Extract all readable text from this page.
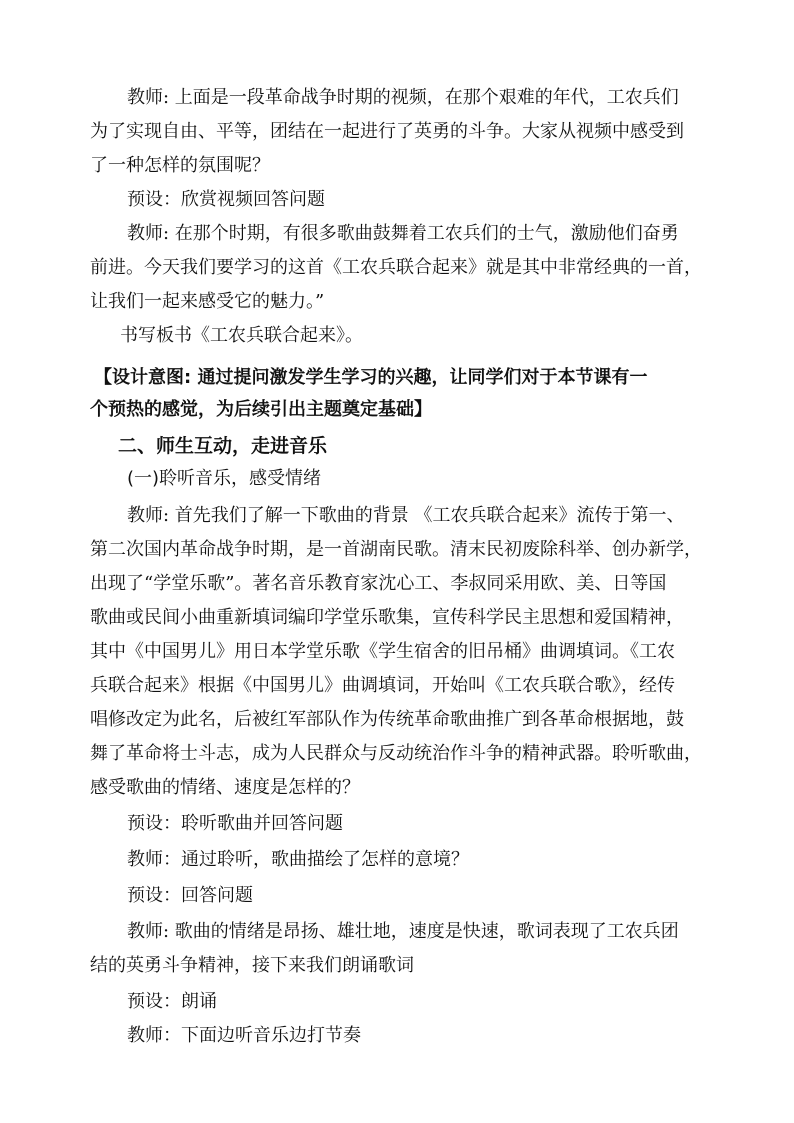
教师: 上面是一段革命战争时期的视频，在那个艰难的年代，工农兵们
为了实现自由、平等，团结在一起进行了英勇的斗争。大家从视频中感受到
了一种怎样的氛围呢？
预设：欣赏视频回答问题
教师: 在那个时期，有很多歌曲鼓舞着工农兵们的士气，激励他们奋勇
前进。今天我们要学习的这首《工农兵联合起来》就是其中非常经典的一首，
让我们一起来感受它的魅力。”
书写板书《工农兵联合起来》。
【设计意图: 通过提问激发学生学习的兴趣，让同学们对于本节课有一
个预热的感觉，为后续引出主题奠定基础】
二、师生互动，走进音乐
(一)聆听音乐，感受情绪
教师: 首先我们了解一下歌曲的背景 《工农兵联合起来》流传于第一、
第二次国内革命战争时期，是一首湖南民歌。清末民初废除科举、创办新学，
出现了“学堂乐歌”。著名音乐教育家沈心工、李叔同采用欧、美、日等国
歌曲或民间小曲重新填词编印学堂乐歌集，宣传科学民主思想和爱国精神，
其中《中国男儿》用日本学堂乐歌《学生宿舍的旧吊桶》曲调填词。《工农
兵联合起来》根据《中国男儿》曲调填词，开始叫《工农兵联合歌》，经传
唱修改定为此名，后被红军部队作为传统革命歌曲推广到各革命根据地，鼓
舞了革命将士斗志，成为人民群众与反动统治作斗争的精神武器。聆听歌曲，
感受歌曲的情绪、速度是怎样的？
预设：聆听歌曲并回答问题
教师：通过聆听，歌曲描绘了怎样的意境？
预设：回答问题
教师: 歌曲的情绪是昂扬、雄壮地，速度是快速，歌词表现了工农兵团
结的英勇斗争精神，接下来我们朗诵歌词
预设：朗诵
教师：下面边听音乐边打节奏
